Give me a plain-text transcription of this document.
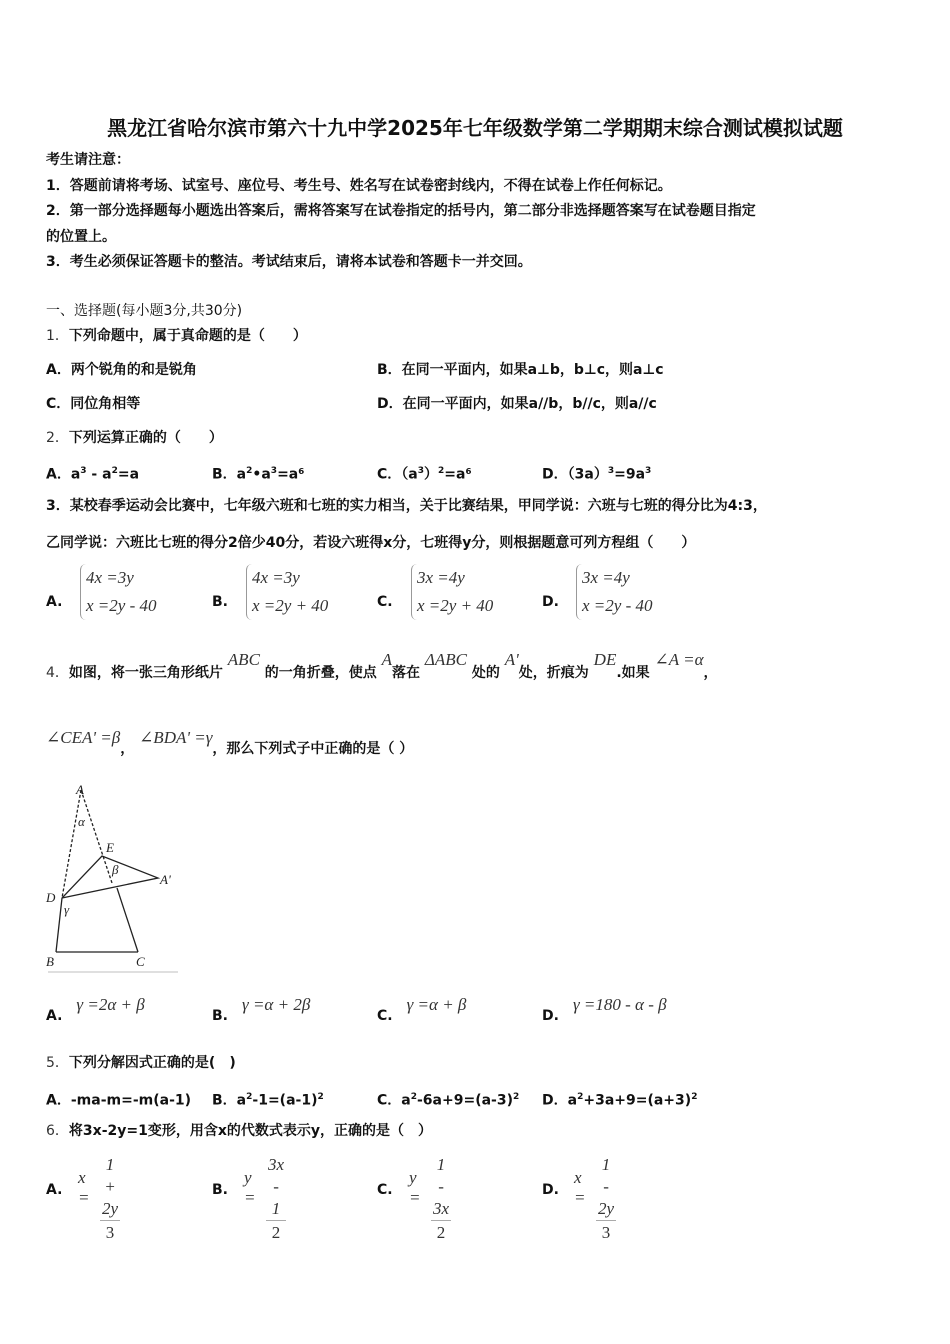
黑龙江省哈尔滨市第六十九中学2025年七年级数学第二学期期末综合测试模拟试题
考生请注意：
1．答题前请将考场、试室号、座位号、考生号、姓名写在试卷密封线内，不得在试卷上作任何标记。
2．第一部分选择题每小题选出答案后，需将答案写在试卷指定的括号内，第二部分非选择题答案写在试卷题目指定
的位置上。
3．考生必须保证答题卡的整洁。考试结束后，请将本试卷和答题卡一并交回。
一、选择题(每小题3分,共30分)
1．下列命题中，属于真命题的是（　　）
A．两个锐角的和是锐角	B．在同一平面内，如果a⊥b，b⊥c，则a⊥c
C．同位角相等	D．在同一平面内，如果a//b，b//c，则a//c
2．下列运算正确的（　　）
A．$a^3 - a^2=a$	B．$a^2•a^3=a^6$	C．$(a^3)^2=a^6$	D．$(3a)^3=9a^3$
3．某校春季运动会比赛中，七年级六班和七班的实力相当，关于比赛结果，甲同学说：六班与七班的得分比为4:3，
乙同学说：六班比七班的得分2倍少40分，若设六班得x分，七班得y分，则根据题意可列方程组（　　）
A.
4x =3y
x =2y - 40	B.
4x =3y
x =2y + 40	C.
3x =4y
x =2y + 40	D.
3x =4y
x =2y - 40
4．如图，将一张三角形纸片 ABC 的一角折叠，使点 A落在 ΔABC 处的 A'处，折痕为 DE.如果 ∠A =α，
∠CEA' =β， ∠BDA' =γ，那么下列式子中正确的是（ ）
A
α
E
β
A'
D
γ
B	C
A.γ =2α + β
B.γ =α + 2β
C.γ =α + β
D.γ =180 - α - β
5．下列分解因式正确的是(　)
A．-ma-m=-m(a-1) B．$a^2-1=(a-1)^2$	C．$a^2-6a+9=(a-3)^2$ D．$a^2+3a+9=(a+3)^2$
6．将3x-2y=1变形，用含x的代数式表示y，正确的是（　）
A.
$x = \frac{1 + 2y}{3}$	B.
$y = \frac{3x - 1}{2}$	C.
$y = \frac{1 - 3x}{2}$	D.
$x = \frac{1 - 2y}{3}$
